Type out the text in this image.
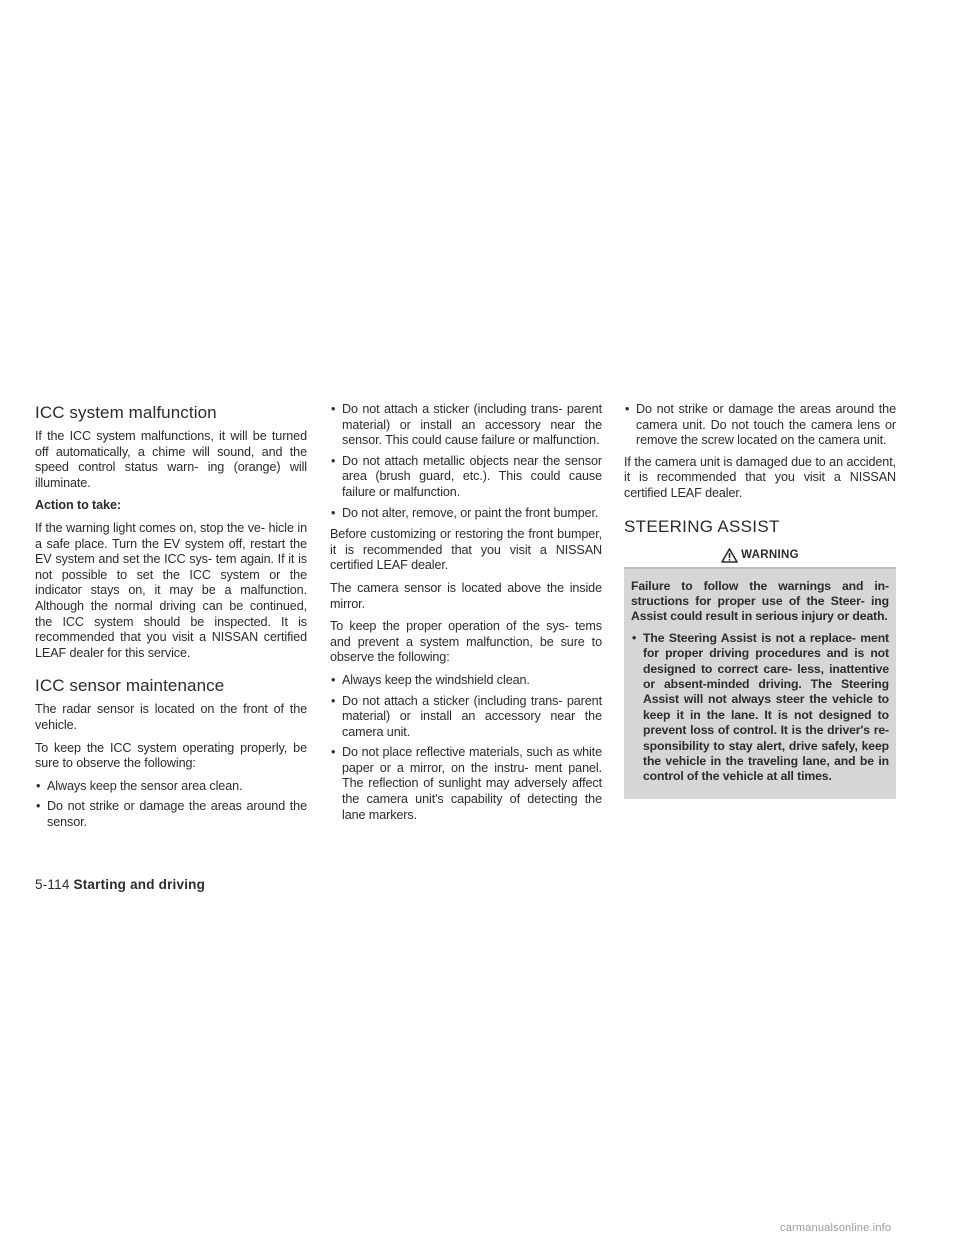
ICC system malfunction

If the ICC system malfunctions, it will be turned off automatically, a chime will sound, and the speed control status warn- ing (orange) will illuminate.

Action to take:

If the warning light comes on, stop the ve- hicle in a safe place. Turn the EV system off, restart the EV system and set the ICC sys- tem again. If it is not possible to set the ICC system or the indicator stays on, it may be a malfunction. Although the normal driving can be continued, the ICC system should be inspected. It is recommended that you visit a NISSAN certified LEAF dealer for this service.

ICC sensor maintenance

The radar sensor is located on the front of the vehicle.

To keep the ICC system operating properly, be sure to observe the following:

• Always keep the sensor area clean.
• Do not strike or damage the areas around the sensor.
• Do not attach a sticker (including trans- parent material) or install an accessory near the sensor. This could cause failure or malfunction.
• Do not attach metallic objects near the sensor area (brush guard, etc.). This could cause failure or malfunction.
• Do not alter, remove, or paint the front bumper.

Before customizing or restoring the front bumper, it is recommended that you visit a NISSAN certified LEAF dealer.

The camera sensor is located above the inside mirror.

To keep the proper operation of the sys- tems and prevent a system malfunction, be sure to observe the following:

• Always keep the windshield clean.
• Do not attach a sticker (including trans- parent material) or install an accessory near the camera unit.
• Do not place reflective materials, such as white paper or a mirror, on the instru- ment panel. The reflection of sunlight may adversely affect the camera unit's capability of detecting the lane markers.
• Do not strike or damage the areas around the camera unit. Do not touch the camera lens or remove the screw located on the camera unit.

If the camera unit is damaged due to an accident, it is recommended that you visit a NISSAN certified LEAF dealer.

STEERING ASSIST
WARNING

Failure to follow the warnings and in- structions for proper use of the Steer- ing Assist could result in serious injury or death.

• The Steering Assist is not a replace- ment for proper driving procedures and is not designed to correct care- less, inattentive or absent-minded driving. The Steering Assist will not always steer the vehicle to keep it in the lane. It is not designed to prevent loss of control. It is the driver's re- sponsibility to stay alert, drive safely, keep the vehicle in the traveling lane, and be in control of the vehicle at all times.
5-114 Starting and driving
carmanualsonline.info
